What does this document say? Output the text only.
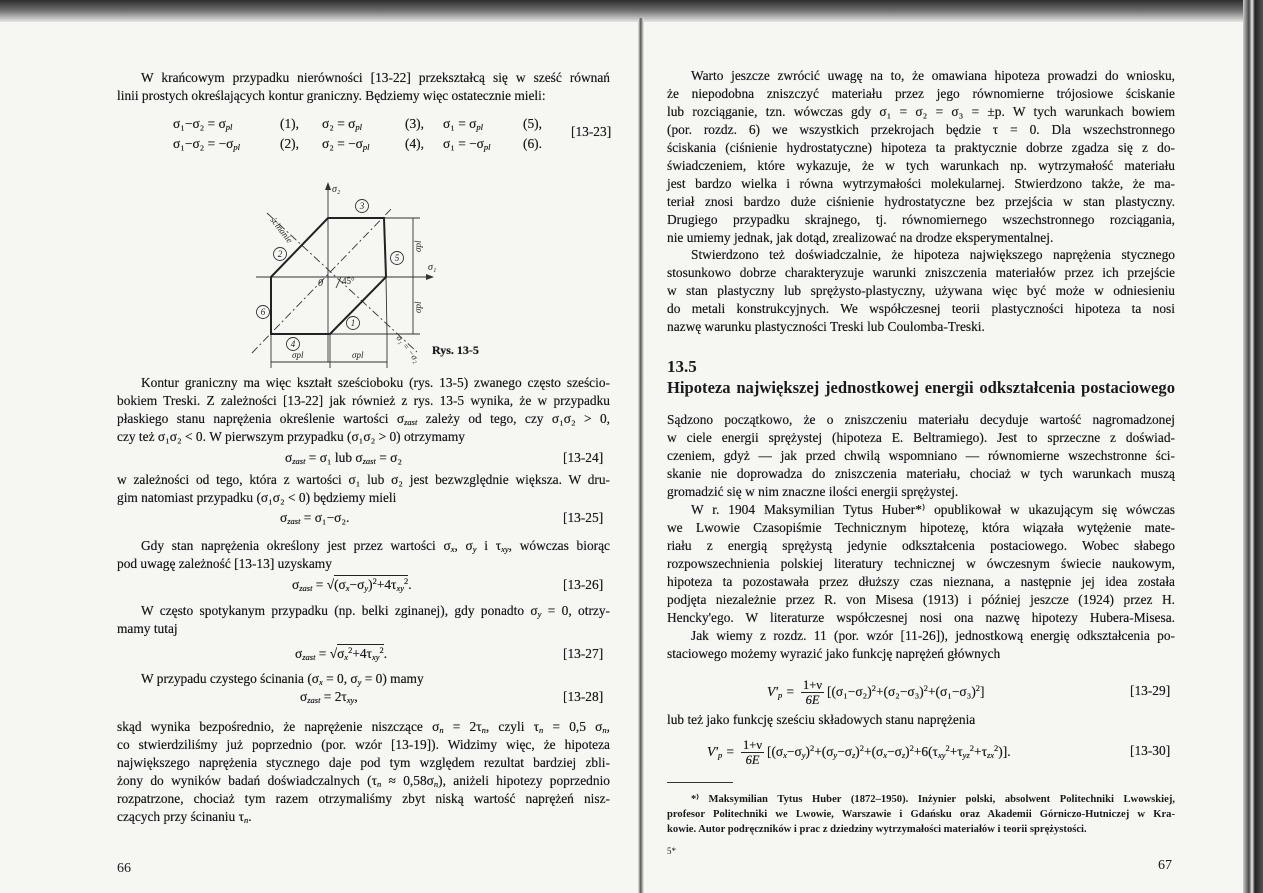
W krańcowym przypadku nierówności [13-22] przekształcą się w sześć równań
linii prostych określających kontur graniczny. Będziemy więc ostatecznie mieli:
$\sigma_1-\sigma_2 = \sigma_{pl}$	(1), $\sigma_2 = \sigma_{pl}$	(3), $\sigma_1 = \sigma_{pl}$	(5),
$\sigma_1-\sigma_2 = -\sigma_{pl}$	(2), $\sigma_2 = -\sigma_{pl}$	(4), $\sigma_1 = -\sigma_{pl}$ (6).
[13-23]
1
2
3
4
5
6
σ₂
σ₁
0 45°
ścinanie
σ₁ = −σ₂
σpl
σpl
σpl	σpl	Rys. 13-5
Kontur graniczny ma więc kształt sześcioboku (rys. 13-5) zwanego często sześcio-
bokiem Treski. Z zależności [13-22] jak również z rys. 13-5 wynika, że w przypadku
płaskiego stanu naprężenia określenie wartości $\sigma_{zast}$ zależy od tego, czy σ₁σ₂ > 0,
czy też σ₁σ₂ < 0. W pierwszym przypadku (σ₁σ₂ > 0) otrzymamy
$\sigma_{zast} = \sigma_1$ lub $\sigma_{zast} = \sigma_2$	[13-24]
w zależności od tego, która z wartości σ₁ lub σ₂ jest bezwzględnie większa. W dru-
gim natomiast przypadku (σ₁σ₂ < 0) będziemy mieli
$\sigma_{zast} = \sigma_1-\sigma_2$.	[13-25]
Gdy stan naprężenia określony jest przez wartości $\sigma_x$, $\sigma_y$ i $\tau_{xy}$, wówczas biorąc
pod uwagę zależność [13-13] uzyskamy
$\sigma_{zast} = √(\sigma_x-\sigma_y)^2+4\tau_{xy}^2$.	[13-26]
W często spotykanym przypadku (np. belki zginanej), gdy ponadto $\sigma_y = 0$, otrzy-
mamy tutaj
$\sigma_{zast} = √\sigma_x^2+4\tau_{xy}^2$.	[13-27]
W przypadu czystego ścinania ($\sigma_x = 0$, $\sigma_y = 0$) mamy
$\sigma_{zast} = 2\tau_{xy}$,	[13-28]
skąd wynika bezpośrednio, że naprężenie niszczące $\sigma_n = 2\tau_n$, czyli $\tau_n = 0,5$ $\sigma_n$,
co stwierdziliśmy już poprzednio (por. wzór [13-19]). Widzimy więc, że hipoteza
największego naprężenia stycznego daje pod tym względem rezultat bardziej zbli-
żony do wyników badań doświadczalnych $(\tau_n \approx 0,58\sigma_n)$, aniżeli hipotezy poprzednio
rozpatrzone, chociaż tym razem otrzymaliśmy zbyt niską wartość naprężeń nisz-
czących przy ścinaniu $\tau_n$.
66
Warto jeszcze zwrócić uwagę na to, że omawiana hipoteza prowadzi do wniosku,
że niepodobna zniszczyć materiału przez jego równomierne trójosiowe ściskanie
lub rozciąganie, tzn. wówczas gdy σ₁ = σ₂ = σ₃ = ±p. W tych warunkach bowiem
(por. rozdz. 6) we wszystkich przekrojach będzie τ = 0. Dla wszechstronnego
ściskania (ciśnienie hydrostatyczne) hipoteza ta praktycznie dobrze zgadza się z do-
świadczeniem, które wykazuje, że w tych warunkach np. wytrzymałość materiału
jest bardzo wielka i równa wytrzymałości molekularnej. Stwierdzono także, że ma-
teriał znosi bardzo duże ciśnienie hydrostatyczne bez przejścia w stan plastyczny.
Drugiego przypadku skrajnego, tj. równomiernego wszechstronnego rozciągania,
nie umiemy jednak, jak dotąd, zrealizować na drodze eksperymentalnej.
Stwierdzono też doświadczalnie, że hipoteza największego naprężenia stycznego
stosunkowo dobrze charakteryzuje warunki zniszczenia materiałów przez ich przejście
w stan plastyczny lub sprężysto-plastyczny, używana więc być może w odniesieniu
do metali konstrukcyjnych. We współczesnej teorii plastyczności hipoteza ta nosi
nazwę warunku plastyczności Treski lub Coulomba-Treski.
13.5
Hipoteza największej jednostkowej energii odkształcenia postaciowego
Sądzono początkowo, że o zniszczeniu materiału decyduje wartość nagromadzonej
w ciele energii sprężystej (hipoteza E. Beltramiego). Jest to sprzeczne z doświad-
czeniem, gdyż — jak przed chwilą wspomniano — równomierne wszechstronne ści-
skanie nie doprowadza do zniszczenia materiału, chociaż w tych warunkach muszą
gromadzić się w nim znaczne ilości energii sprężystej.
W r. 1904 Maksymilian Tytus Huber*⁾ opublikował w ukazującym się wówczas
we Lwowie Czasopiśmie Technicznym hipotezę, która wiązała wytężenie mate-
riału z energią sprężystą jedynie odkształcenia postaciowego. Wobec słabego
rozpowszechnienia polskiej literatury technicznej w ówczesnym świecie naukowym,
hipoteza ta pozostawała przez dłuższy czas nieznana, a następnie jej idea została
podjęta niezależnie przez R. von Misesa (1913) i później jeszcze (1924) przez H.
Hencky'ego. W literaturze współczesnej nosi ona nazwę hipotezy Hubera-Misesa.
Jak wiemy z rozdz. 11 (por. wzór [11-26]), jednostkową energię odkształcenia po-
staciowego możemy wyrazić jako funkcję naprężeń głównych
$V'_p = \frac{1+\nu}{6E} [(\sigma_1-\sigma_2)^2+(\sigma_2-\sigma_3)^2+(\sigma_1-\sigma_3)^2]$	[13-29]
lub też jako funkcję sześciu składowych stanu naprężenia
$V'_p = \frac{1+\nu}{6E} [(\sigma_x-\sigma_y)^2+(\sigma_y-\sigma_z)^2+(\sigma_x-\sigma_z)^2+6(\tau_{xy}^2+\tau_{yz}^2+\tau_{zx}^2)]$.	[13-30]
*⁾ Maksymilian Tytus Huber (1872–1950). Inżynier polski, absolwent Politechniki Lwowskiej,
profesor Politechniki we Lwowie, Warszawie i Gdańsku oraz Akademii Górniczo-Hutniczej w Kra-
kowie. Autor podręczników i prac z dziedziny wytrzymałości materiałów i teorii sprężystości.
5*
67
